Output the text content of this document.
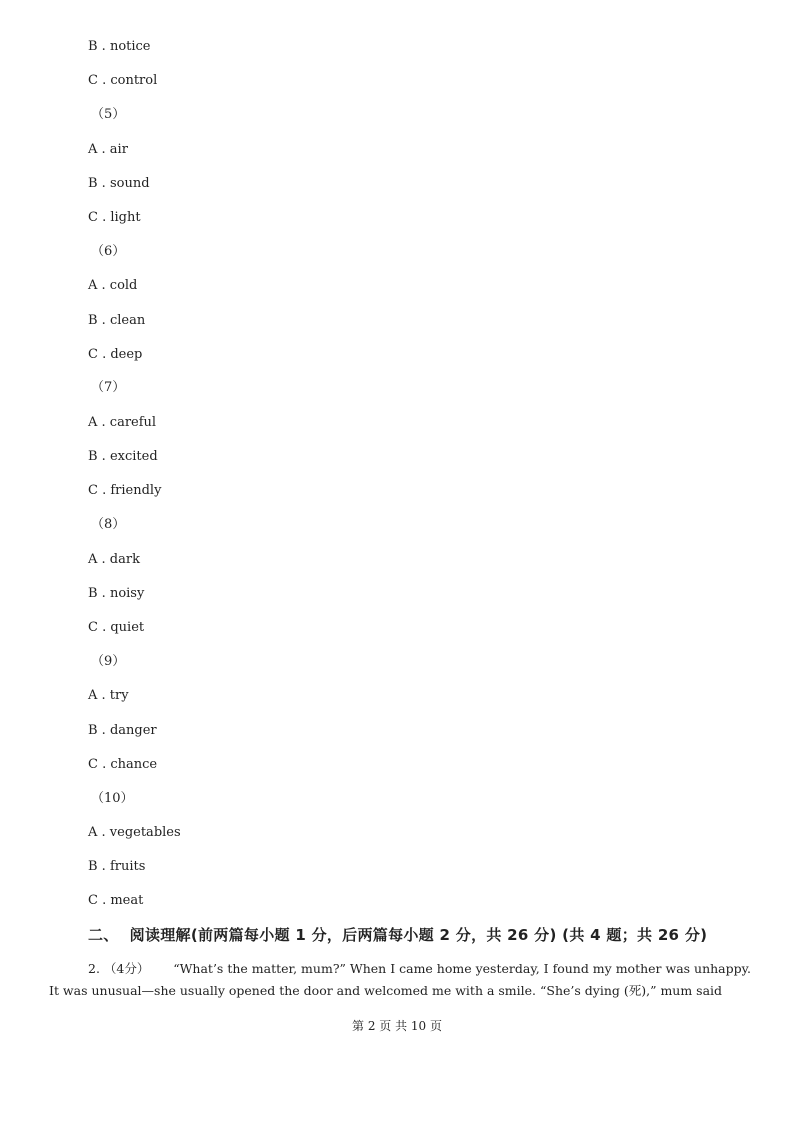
B . notice
C . control
（5）
A . air
B . sound
C . light
（6）
A . cold
B . clean
C . deep
（7）
A . careful
B . excited
C . friendly
（8）
A . dark
B . noisy
C . quiet
（9）
A . try
B . danger
C . chance
（10）
A . vegetables
B . fruits
C . meat
二、  阅读理解(前两篇每小题 1 分，后两篇每小题 2 分，共 26 分) (共 4 题；共 26 分)
2. （4分）      “What’s the matter, mum?” When I came home yesterday, I found my mother was unhappy.
It was unusual—she usually opened the door and welcomed me with a smile. “She’s dying (死),” mum said
第 2 页 共 10 页
